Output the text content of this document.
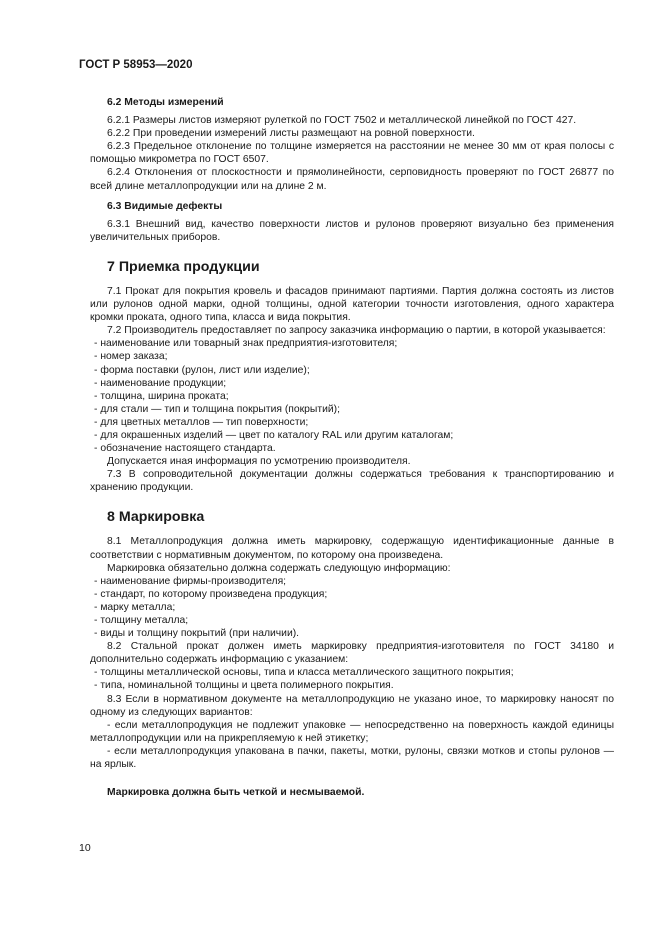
ГОСТ Р 58953—2020
6.2 Методы измерений

6.2.1 Размеры листов измеряют рулеткой по ГОСТ 7502 и металлической линейкой по ГОСТ 427.

6.2.2 При проведении измерений листы размещают на ровной поверхности.

6.2.3 Предельное отклонение по толщине измеряется на расстоянии не менее 30 мм от края полосы с помощью микрометра по ГОСТ 6507.

6.2.4 Отклонения от плоскостности и прямолинейности, серповидность проверяют по ГОСТ 26877 по всей длине металлопродукции или на длине 2 м.

6.3 Видимые дефекты

6.3.1 Внешний вид, качество поверхности листов и рулонов проверяют визуально без применения увеличительных приборов.

7 Приемка продукции

7.1 Прокат для покрытия кровель и фасадов принимают партиями. Партия должна состоять из листов или рулонов одной марки, одной толщины, одной категории точности изготовления, одного характера кромки проката, одного типа, класса и вида покрытия.

7.2 Производитель предоставляет по запросу заказчика информацию о партии, в которой указывается:

- наименование или товарный знак предприятия-изготовителя;

- номер заказа;

- форма поставки (рулон, лист или изделие);

- наименование продукции;

- толщина, ширина проката;

- для стали — тип и толщина покрытия (покрытий);

- для цветных металлов — тип поверхности;

- для окрашенных изделий — цвет по каталогу RAL или другим каталогам;

- обозначение настоящего стандарта.

Допускается иная информация по усмотрению производителя.

7.3 В сопроводительной документации должны содержаться требования к транспортированию и хранению продукции.

8 Маркировка

8.1 Металлопродукция должна иметь маркировку, содержащую идентификационные данные в соответствии с нормативным документом, по которому она произведена.

Маркировка обязательно должна содержать следующую информацию:

- наименование фирмы-производителя;

- стандарт, по которому произведена продукция;

- марку металла;

- толщину металла;

- виды и толщину покрытий (при наличии).

8.2 Стальной прокат должен иметь маркировку предприятия-изготовителя по ГОСТ 34180 и дополнительно содержать информацию с указанием:

- толщины металлической основы, типа и класса металлического защитного покрытия;

- типа, номинальной толщины и цвета полимерного покрытия.

8.3 Если в нормативном документе на металлопродукцию не указано иное, то маркировку наносят по одному из следующих вариантов:

- если металлопродукция не подлежит упаковке — непосредственно на поверхность каждой единицы металлопродукции или на прикрепляемую к ней этикетку;

- если металлопродукция упакована в пачки, пакеты, мотки, рулоны, связки мотков и стопы рулонов — на ярлык.

Маркировка должна быть четкой и несмываемой.
10
